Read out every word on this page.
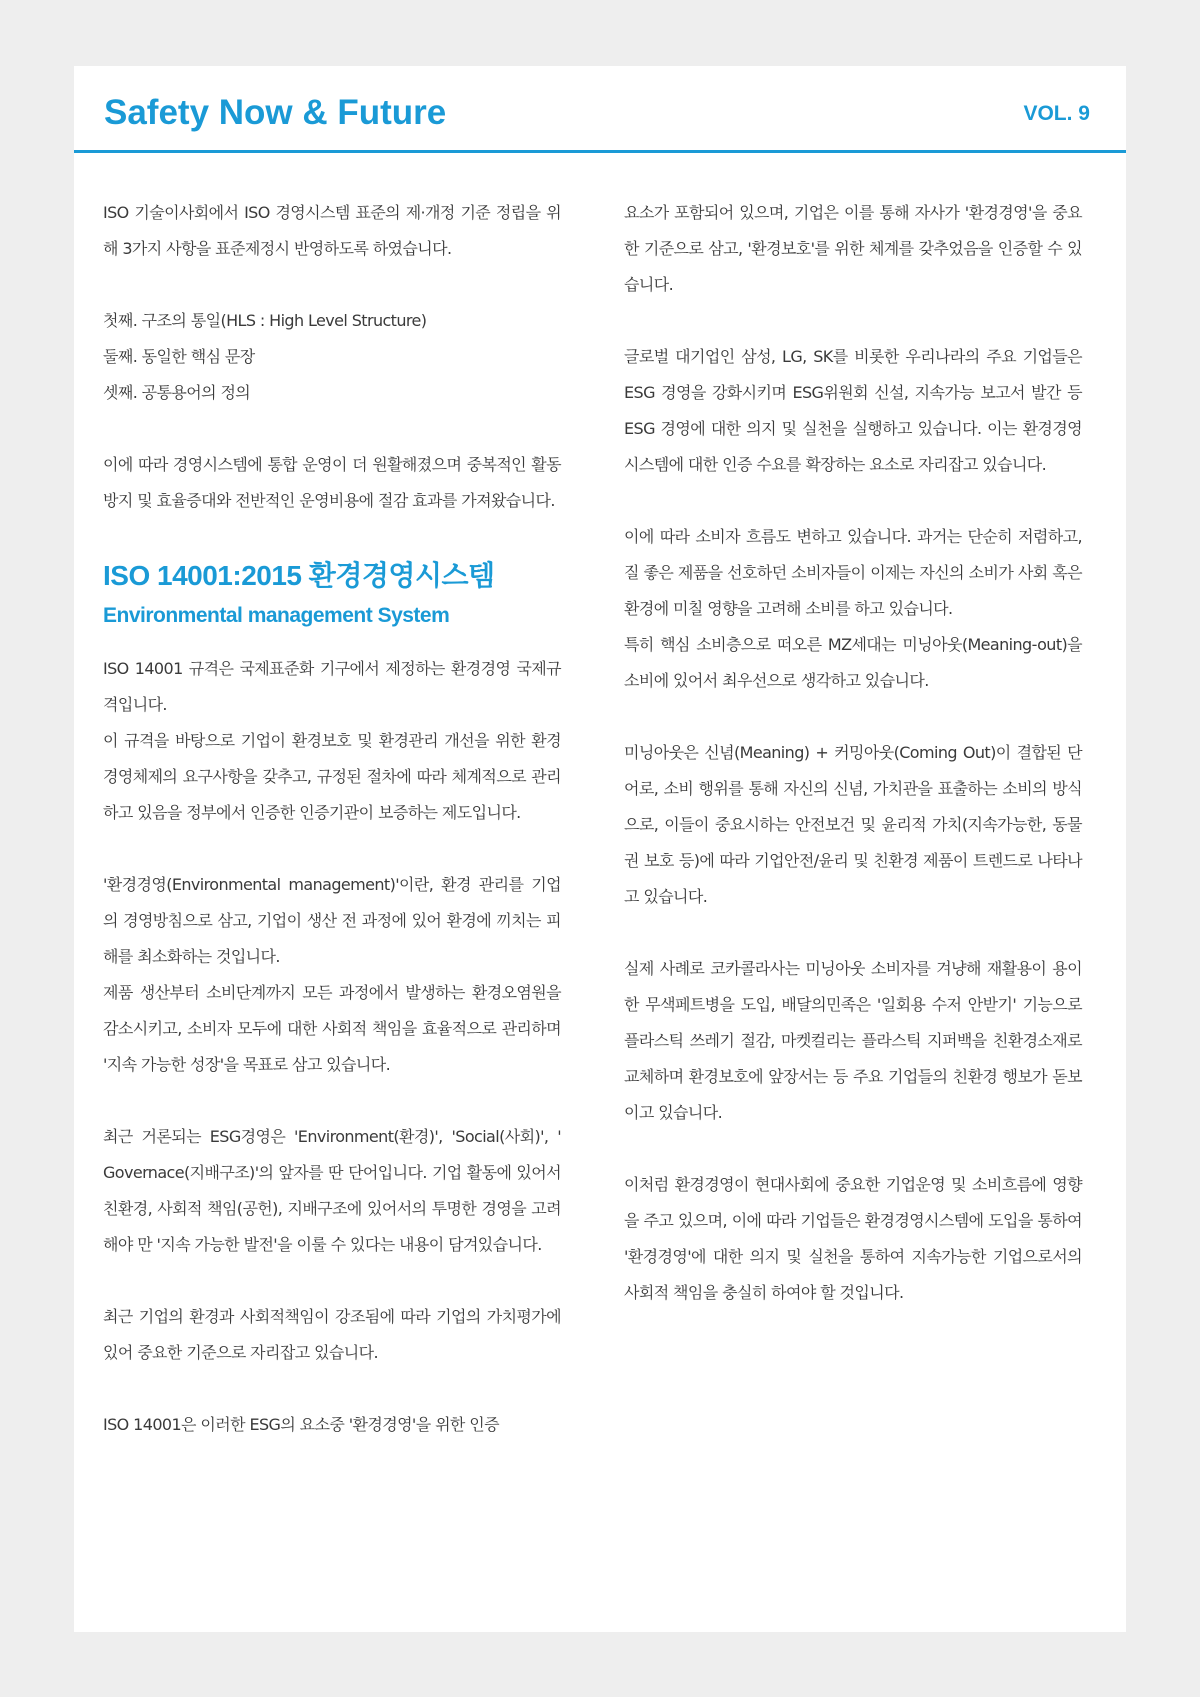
Safety Now & Future	VOL. 9

ISO 기술이사회에서 ISO 경영시스템 표준의 제·개정 기준 정립을 위해 3가지 사항을 표준제정시 반영하도록 하였습니다.

첫째. 구조의 통일(HLS : High Level Structure)
둘째. 동일한 핵심 문장
셋째. 공통용어의 정의

이에 따라 경영시스템에 통합 운영이 더 원활해졌으며 중복적인 활동방지 및 효율증대와 전반적인 운영비용에 절감 효과를 가져왔습니다.

ISO 14001:2015 환경경영시스템
Environmental management System

ISO 14001 규격은 국제표준화 기구에서 제정하는 환경경영 국제규격입니다.
이 규격을 바탕으로 기업이 환경보호 및 환경관리 개선을 위한 환경 경영체제의 요구사항을 갖추고, 규정된 절차에 따라 체계적으로 관리하고 있음을 정부에서 인증한 인증기관이 보증하는 제도입니다.

'환경경영(Environmental management)'이란, 환경 관리를 기업의 경영방침으로 삼고, 기업이 생산 전 과정에 있어 환경에 끼치는 피해를 최소화하는 것입니다.
제품 생산부터 소비단계까지 모든 과정에서 발생하는 환경오염원을 감소시키고, 소비자 모두에 대한 사회적 책임을 효율적으로 관리하며 '지속 가능한 성장'을 목표로 삼고 있습니다.

최근 거론되는 ESG경영은 'Environment(환경)', 'Social(사회)', ' Governace(지배구조)'의 앞자를 딴 단어입니다. 기업 활동에 있어서 친환경, 사회적 책임(공헌), 지배구조에 있어서의 투명한 경영을 고려해야 만 '지속 가능한 발전'을 이룰 수 있다는 내용이 담겨있습니다.

최근 기업의 환경과 사회적책임이 강조됨에 따라 기업의 가치평가에 있어 중요한 기준으로 자리잡고 있습니다.

ISO 14001은 이러한 ESG의 요소중 '환경경영'을 위한 인증

요소가 포함되어 있으며, 기업은 이를 통해 자사가 '환경경영'을 중요한 기준으로 삼고, '환경보호'를 위한 체계를 갖추었음을 인증할 수 있습니다.

글로벌 대기업인 삼성, LG, SK를 비롯한 우리나라의 주요 기업들은 ESG 경영을 강화시키며 ESG위원회 신설, 지속가능 보고서 발간 등 ESG 경영에 대한 의지 및 실천을 실행하고 있습니다. 이는 환경경영시스템에 대한 인증 수요를 확장하는 요소로 자리잡고 있습니다.

이에 따라 소비자 흐름도 변하고 있습니다. 과거는 단순히 저렴하고, 질 좋은 제품을 선호하던 소비자들이 이제는 자신의 소비가 사회 혹은 환경에 미칠 영향을 고려해 소비를 하고 있습니다.
특히 핵심 소비층으로 떠오른 MZ세대는 미닝아웃(Meaning-out)을 소비에 있어서 최우선으로 생각하고 있습니다.

미닝아웃은 신념(Meaning) + 커밍아웃(Coming Out)이 결합된 단어로, 소비 행위를 통해 자신의 신념, 가치관을 표출하는 소비의 방식으로, 이들이 중요시하는 안전보건 및 윤리적 가치(지속가능한, 동물권 보호 등)에 따라 기업안전/윤리 및 친환경 제품이 트렌드로 나타나고 있습니다.

실제 사례로 코카콜라사는 미닝아웃 소비자를 겨냥해 재활용이 용이한 무색페트병을 도입, 배달의민족은 '일회용 수저 안받기' 기능으로 플라스틱 쓰레기 절감, 마켓컬리는 플라스틱 지퍼백을 친환경소재로 교체하며 환경보호에 앞장서는 등 주요 기업들의 친환경 행보가 돋보이고 있습니다.

이처럼 환경경영이 현대사회에 중요한 기업운영 및 소비흐름에 영향을 주고 있으며, 이에 따라 기업들은 환경경영시스템에 도입을 통하여 '환경경영'에 대한 의지 및 실천을 통하여 지속가능한 기업으로서의 사회적 책임을 충실히 하여야 할 것입니다.
